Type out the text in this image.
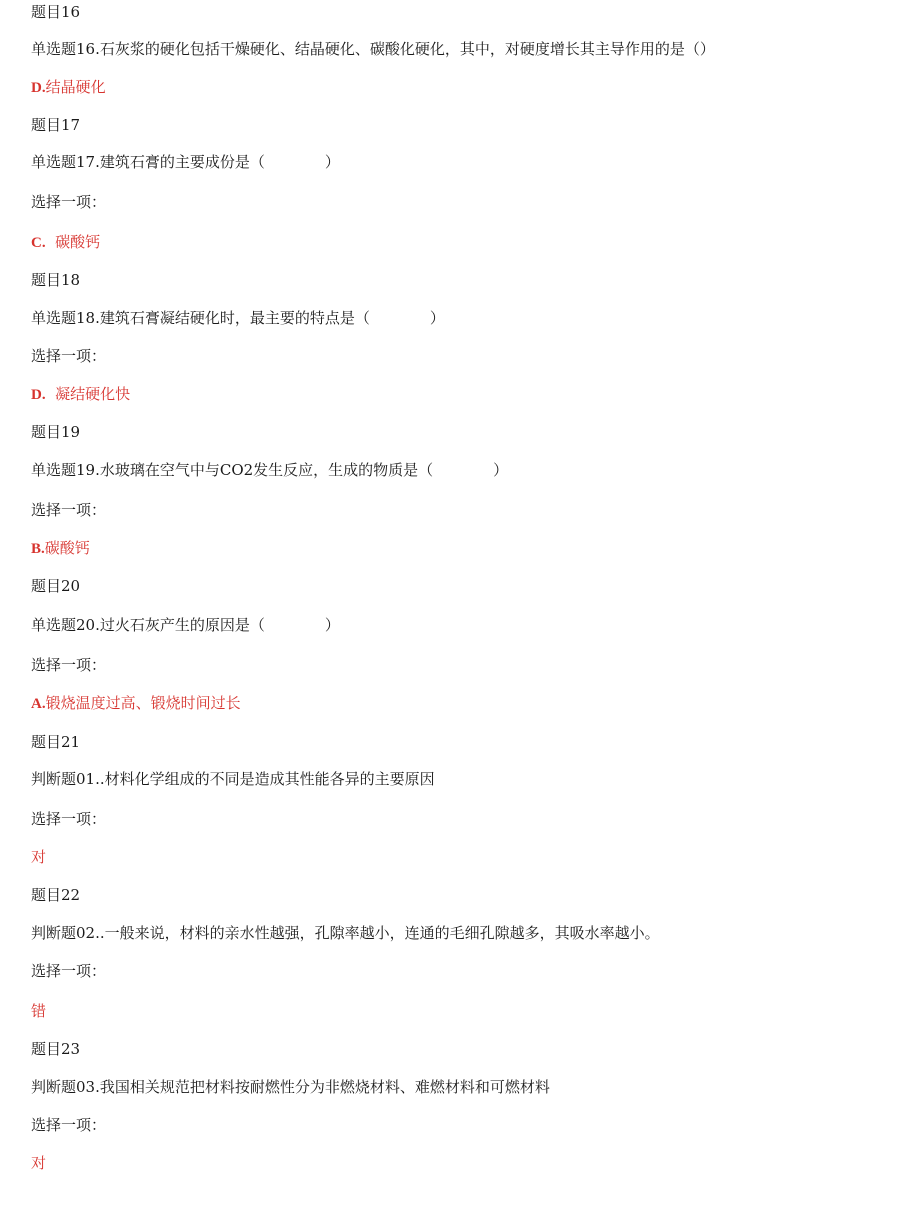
题目16

单选题16.石灰浆的硬化包括干燥硬化、结晶硬化、碳酸化硬化，其中，对硬度增长其主导作用的是（）

D.结晶硬化

题目17

单选题17.建筑石膏的主要成份是（　　　　）

选择一项：

C.  碳酸钙

题目18

单选题18.建筑石膏凝结硬化时，最主要的特点是（　　　　）

选择一项：

D.  凝结硬化快

题目19

单选题19.水玻璃在空气中与CO2发生反应，生成的物质是（　　　　）

选择一项：

B.碳酸钙

题目20

单选题20.过火石灰产生的原因是（　　　　）

选择一项：

A.锻烧温度过高、锻烧时间过长

题目21

判断题01..材料化学组成的不同是造成其性能各异的主要原因

选择一项：

对

题目22

判断题02..一般来说，材料的亲水性越强，孔隙率越小，连通的毛细孔隙越多，其吸水率越小。

选择一项：

错

题目23

判断题03.我国相关规范把材料按耐燃性分为非燃烧材料、难燃材料和可燃材料

选择一项：

对
